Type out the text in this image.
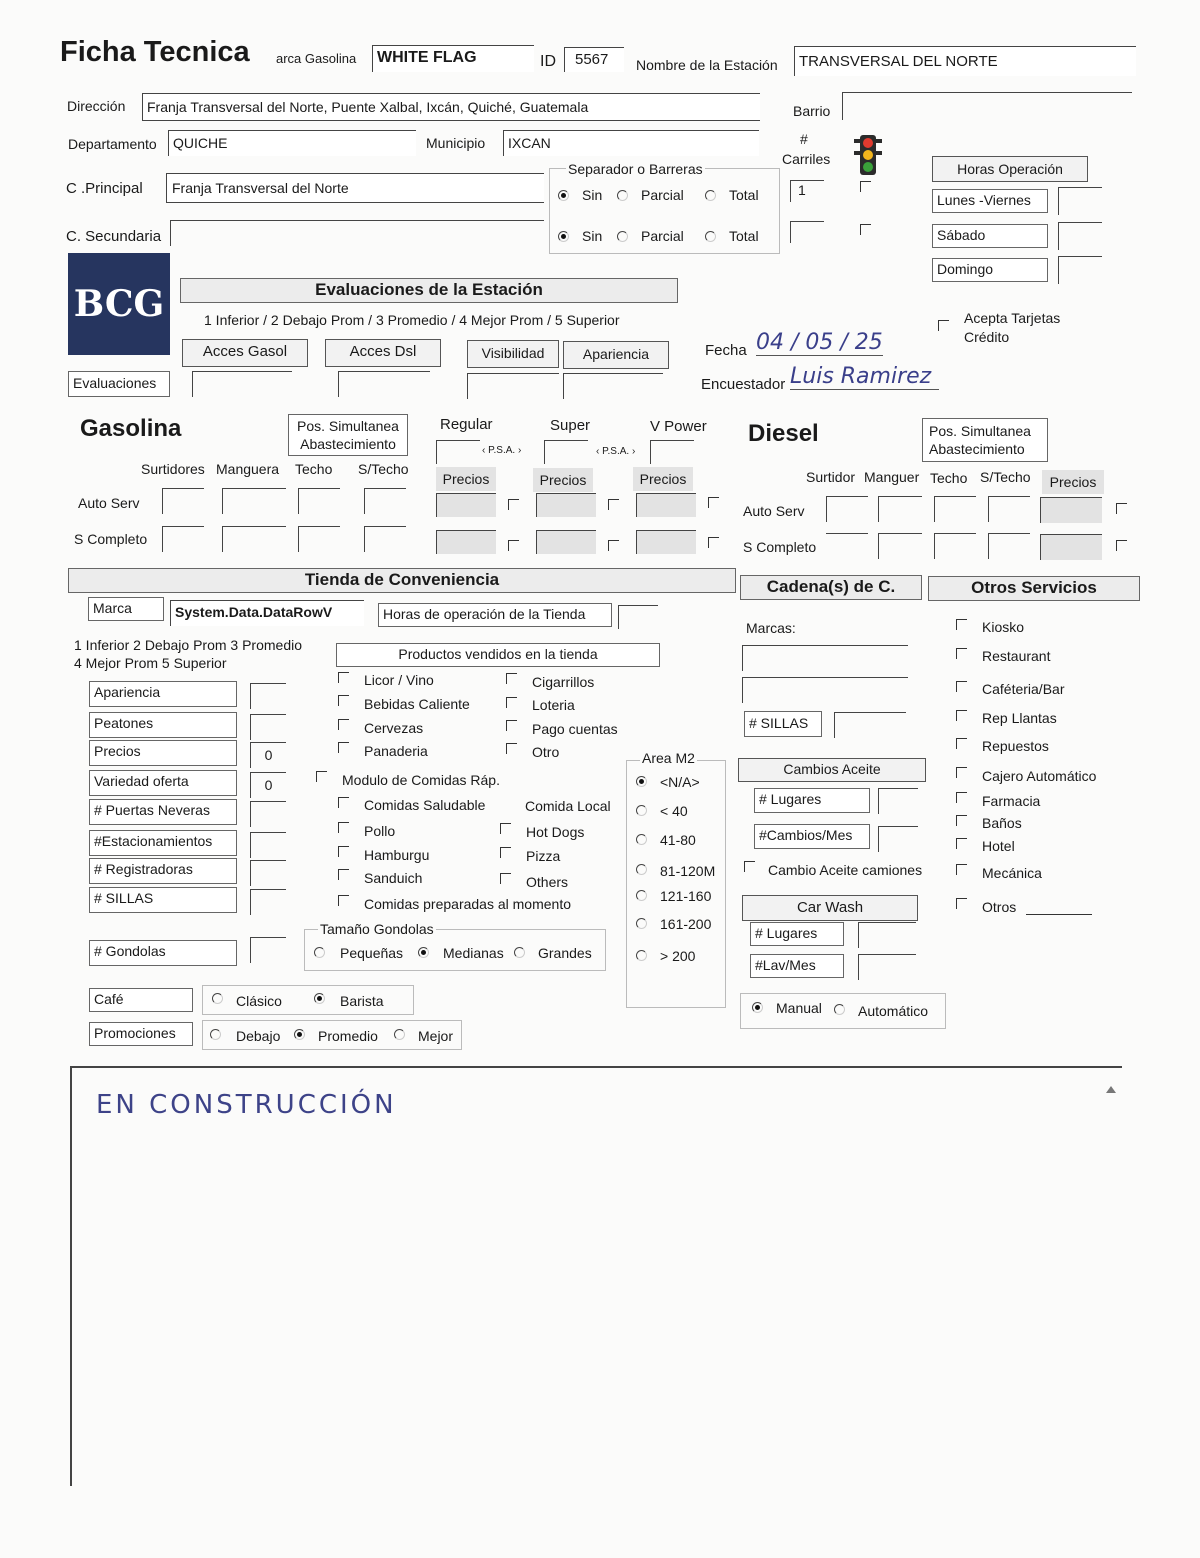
Ficha Tecnica arca Gasolina	WHITE FLAG	ID	5567	Nombre de la Estación	TRANSVERSAL DEL NORTE
Dirección	Franja Transversal del Norte, Puente Xalbal, Ixcán, Quiché, Guatemala	Barrio
Departamento	QUICHE	Municipio	IXCAN	#
Carriles
C .Principal	Franja Transversal del Norte
C. Secundaria
Separador o Barreras
Sin	Parcial	Total
Sin	Parcial	Total
1
Horas Operación
Lunes -Viernes
Sábado
Domingo
BCG	Evaluaciones de la Estación
1 Inferior / 2 Debajo Prom / 3 Promedio / 4 Mejor Prom / 5 Superior
Acces Gasol	Acces Dsl	Visibilidad	Apariencia
Evaluaciones
Acepta Tarjetas
Crédito
Fecha 04 / 05 / 25
Encuestador Luis Ramirez
Gasolina	Pos. Simultanea
Abastecimiento
Surtidores Manguera Techo S/Techo
Regular	Super	V Power
‹ P.S.A. ›	‹ P.S.A. ›
Precios	Precios	Precios
Auto Serv
S Completo
Diesel	Pos. Simultanea
Abastecimiento
Surtidor Manguer Techo S/Techo	Precios
Auto Serv
S Completo
Tienda de Conveniencia	Cadena(s) de C.	Otros Servicios
Marca	System.Data.DataRowV	Horas de operación de la Tienda
1 Inferior 2 Debajo Prom 3 Promedio
4 Mejor Prom 5 Superior
Productos vendidos en la tienda
Apariencia
Peatones
Precios	0
Variedad oferta	0
# Puertas Neveras
#Estacionamientos
# Registradoras
# SILLAS
# Gondolas
Licor / Vino
Bebidas Caliente
Cervezas
Panaderia
Cigarrillos
Loteria
Pago cuentas
Otro
Modulo de Comidas Ráp.
Comida Local
Comidas Saludable
Pollo
Hamburgu
Sanduich
Hot Dogs
Pizza
Others
Comidas preparadas al momento
Tamaño Gondolas
Pequeñas	Medianas Grandes
Café	Clásico	Barista
Promociones	Debajo	Promedio	Mejor
Area M2
<N/A>
< 40
41-80
81-120M
121-160
161-200
> 200
Marcas:
# SILLAS
Cambios Aceite
# Lugares
#Cambios/Mes
Cambio Aceite camiones
Car Wash
# Lugares
#Lav/Mes
Manual	Automático
Kiosko
Restaurant
Caféteria/Bar
Rep Llantas
Repuestos
Cajero Automático
Farmacia
Baños
Hotel
Mecánica
Otros
EN CONSTRUCCIÓN
